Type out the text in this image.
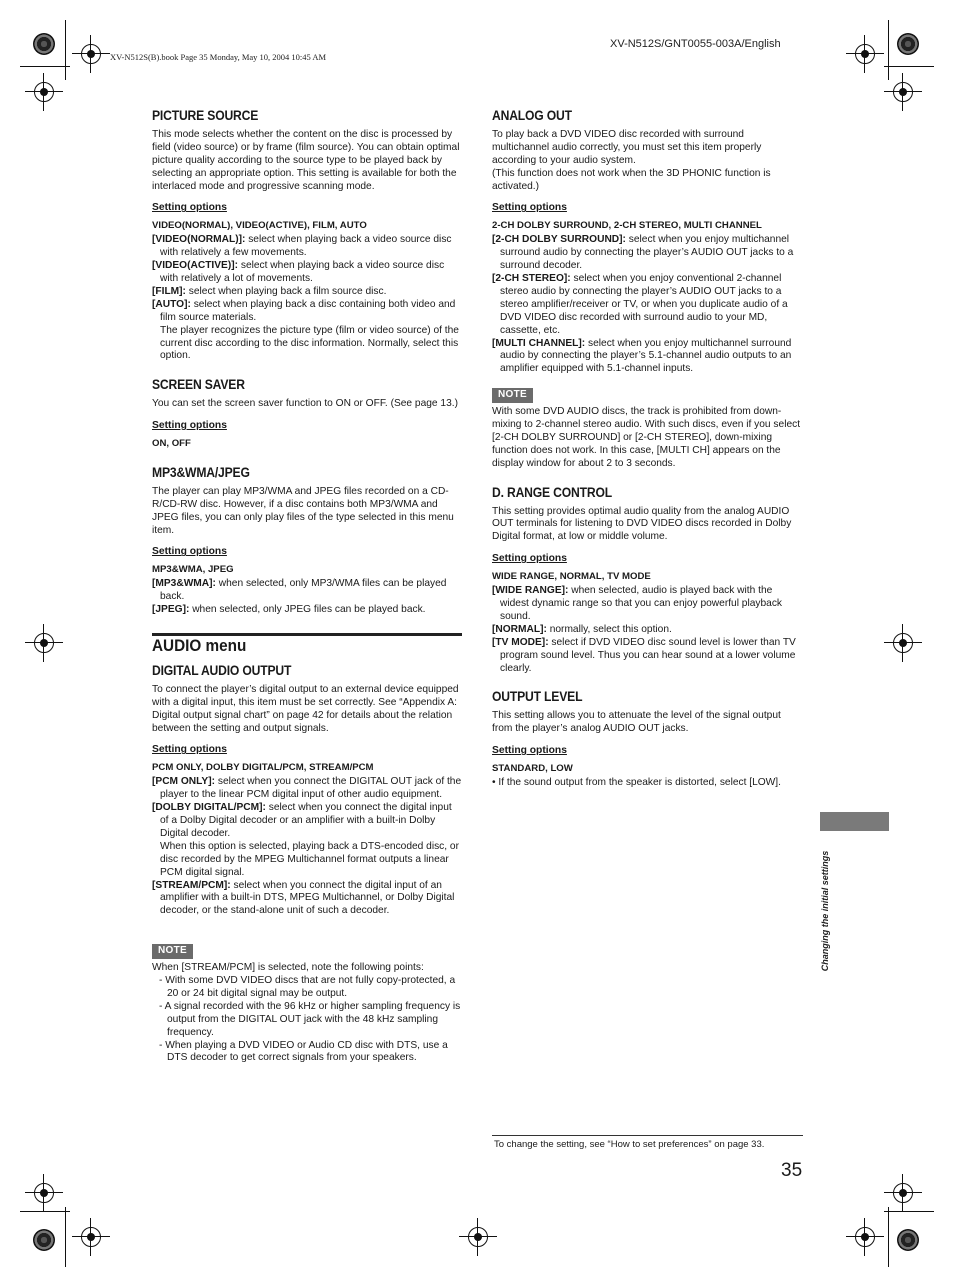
XV-N512S(B).book Page 35 Monday, May 10, 2004 10:45 AM
XV-N512S/GNT0055-003A/English
PICTURE SOURCE

This mode selects whether the content on the disc is processed by field (video source) or by frame (film source). You can obtain optimal picture quality according to the source type to be played back by selecting an appropriate option. This setting is available for both the interlaced mode and progressive scanning mode.

Setting options
VIDEO(NORMAL), VIDEO(ACTIVE), FILM, AUTO
[VIDEO(NORMAL)]: select when playing back a video source disc with relatively a few movements.
[VIDEO(ACTIVE)]: select when playing back a video source disc with relatively a lot of movements.
[FILM]: select when playing back a film source disc.
[AUTO]: select when playing back a disc containing both video and film source materials.
The player recognizes the picture type (film or video source) of the current disc according to the disc information. Normally, select this option.
SCREEN SAVER

You can set the screen saver function to ON or OFF. (See page 13.)

Setting options
ON, OFF
MP3&WMA/JPEG

The player can play MP3/WMA and JPEG files recorded on a CD-R/CD-RW disc. However, if a disc contains both MP3/WMA and JPEG files, you can only play files of the type selected in this menu item.

Setting options
MP3&WMA, JPEG
[MP3&WMA]: when selected, only MP3/WMA files can be played back.
[JPEG]: when selected, only JPEG files can be played back.
AUDIO menu
DIGITAL AUDIO OUTPUT

To connect the player’s digital output to an external device equipped with a digital input, this item must be set correctly. See “Appendix A: Digital output signal chart” on page 42 for details about the relation between the setting and output signals.

Setting options
PCM ONLY, DOLBY DIGITAL/PCM, STREAM/PCM
[PCM ONLY]: select when you connect the DIGITAL OUT jack of the player to the linear PCM digital input of other audio equipment.
[DOLBY DIGITAL/PCM]: select when you connect the digital input of a Dolby Digital decoder or an amplifier with a built-in Dolby Digital decoder.
When this option is selected, playing back a DTS-encoded disc, or disc recorded by the MPEG Multichannel format outputs a linear PCM digital signal.
[STREAM/PCM]: select when you connect the digital input of an amplifier with a built-in DTS, MPEG Multichannel, or Dolby Digital decoder, or the stand-alone unit of such a decoder.
NOTE

When [STREAM/PCM] is selected, note the following points:

- With some DVD VIDEO discs that are not fully copy-protected, a 20 or 24 bit digital signal may be output.
- A signal recorded with the 96 kHz or higher sampling frequency is output from the DIGITAL OUT jack with the 48 kHz sampling frequency.
- When playing a DVD VIDEO or Audio CD disc with DTS, use a DTS decoder to get correct signals from your speakers.
ANALOG OUT

To play back a DVD VIDEO disc recorded with surround multichannel audio correctly, you must set this item properly according to your audio system.

(This function does not work when the 3D PHONIC function is activated.)

Setting options
2-CH DOLBY SURROUND, 2-CH STEREO, MULTI CHANNEL
[2-CH DOLBY SURROUND]: select when you enjoy multichannel surround audio by connecting the player’s AUDIO OUT jacks to a surround decoder.
[2-CH STEREO]: select when you enjoy conventional 2-channel stereo audio by connecting the player’s AUDIO OUT jacks to a stereo amplifier/receiver or TV, or when you duplicate audio of a DVD VIDEO disc recorded with surround audio to your MD, cassette, etc.
[MULTI CHANNEL]: select when you enjoy multichannel surround audio by connecting the player’s 5.1-channel audio outputs to an amplifier equipped with 5.1-channel inputs.
NOTE

With some DVD AUDIO discs, the track is prohibited from down-mixing to 2-channel stereo audio. With such discs, even if you select [2-CH DOLBY SURROUND] or [2-CH STEREO], down-mixing function does not work. In this case, [MULTI CH] appears on the display window for about 2 to 3 seconds.

D. RANGE CONTROL

This setting provides optimal audio quality from the analog AUDIO OUT terminals for listening to DVD VIDEO discs recorded in Dolby Digital format, at low or middle volume.

Setting options
WIDE RANGE, NORMAL, TV MODE
[WIDE RANGE]: when selected, audio is played back with the widest dynamic range so that you can enjoy powerful playback sound.
[NORMAL]: normally, select this option.
[TV MODE]: select if DVD VIDEO disc sound level is lower than TV program sound level. Thus you can hear sound at a lower volume clearly.
OUTPUT LEVEL

This setting allows you to attenuate the level of the signal output from the player’s analog AUDIO OUT jacks.

Setting options
STANDARD, LOW
• If the sound output from the speaker is distorted, select [LOW].
Changing the initial settings
To change the setting, see “How to set preferences” on page 33.
35
